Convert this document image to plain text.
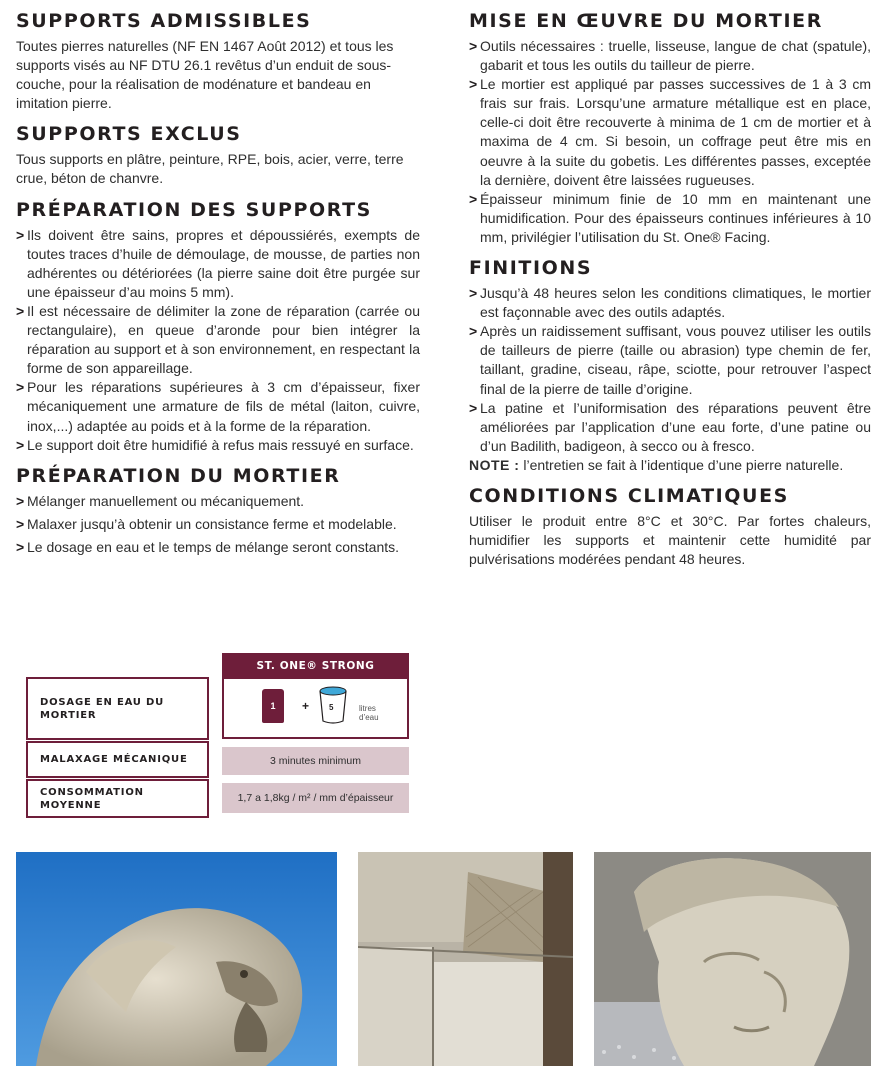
SUPPORTS ADMISSIBLES

Toutes pierres naturelles (NF EN 1467 Août 2012) et tous les supports visés au NF DTU 26.1 revêtus d’un enduit de sous-couche, pour la réalisation de modénature et bandeau en imitation pierre.

SUPPORTS EXCLUS

Tous supports en plâtre, peinture, RPE, bois, acier, verre, terre crue, béton de chanvre.

PRÉPARATION DES SUPPORTS
> Ils doivent être sains, propres et dépoussiérés, exempts de toutes traces d’huile de démoulage, de mousse, de parties non adhérentes ou détériorées (la pierre saine doit être purgée sur une épaisseur d’au moins 5 mm).
> Il est nécessaire de délimiter la zone de réparation (carrée ou rectangulaire), en queue d’aronde pour bien intégrer la réparation au support et à son environnement, en respectant la forme de son appareillage.
> Pour les réparations supérieures à 3 cm d’épaisseur, fixer mécaniquement une armature de fils de métal (laiton, cuivre, inox,...) adaptée au poids et à la forme de la réparation.
> Le support doit être humidifié à refus mais ressuyé en surface.
PRÉPARATION DU MORTIER
> Mélanger manuellement ou mécaniquement.
> Malaxer jusqu’à obtenir un consistance ferme et modelable.
> Le dosage en eau et le temps de mélange seront constants.
MISE EN ŒUVRE DU MORTIER
> Outils nécessaires : truelle, lisseuse, langue de chat (spatule), gabarit et tous les outils du tailleur de pierre.
> Le mortier est appliqué par passes successives de 1 à 3 cm frais sur frais. Lorsqu’une armature métallique est en place, celle-ci doit être recouverte à minima de 1 cm de mortier et à maxima de 4 cm. Si besoin, un coffrage peut être mis en oeuvre à la suite du gobetis. Les différentes passes, exceptée la dernière, doivent être laissées rugueuses.
> Épaisseur minimum finie de 10 mm en maintenant une humidification. Pour des épaisseurs continues inférieures à 10 mm, privilégier l’utilisation du St. One® Facing.
FINITIONS
> Jusqu’à 48 heures selon les conditions climatiques, le mortier est façonnable avec des outils adaptés.
> Après un raidissement suffisant, vous pouvez utiliser les outils de tailleurs de pierre (taille ou abrasion) type chemin de fer, taillant, gradine, ciseau, râpe, sciotte, pour retrouver l’aspect final de la pierre de taille d’origine.
> La patine et l’uniformisation des réparations peuvent être améliorées par l’application d’une eau forte, d’une patine ou d’un Badilith, badigeon, à secco ou à fresco.

NOTE : l’entretien se fait à l’identique d’une pierre naturelle.

CONDITIONS CLIMATIQUES

Utiliser le produit entre 8°C et 30°C. Par fortes chaleurs, humidifier les supports et maintenir cette humidité par pulvérisations modérées pendant 48 heures.

ST. ONE® STRONG
1	+ 5	litres
d’eau
DOSAGE EN EAU DU MORTIER
MALAXAGE MÉCANIQUE
CONSOMMATION MOYENNE
3 minutes minimum
1,7 a 1,8kg / m² / mm d’épaisseur
